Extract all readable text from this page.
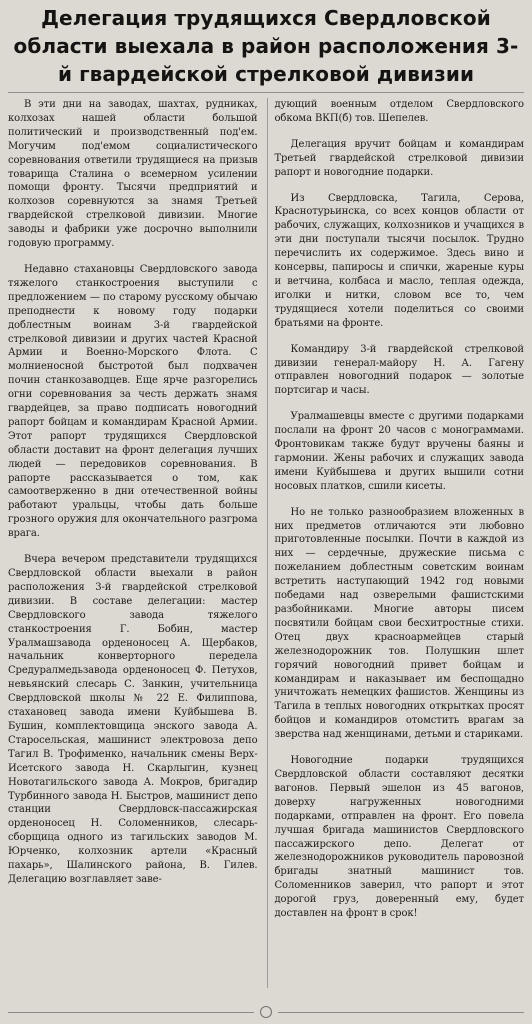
Делегация трудящихся Свердловской области выехала в район расположения 3-й гвардейской стрелковой дивизии

В эти дни на заводах, шахтах, рудниках, колхозах нашей области большой политический и производственный под'ем. Могучим под'емом социалистического соревнования ответили трудящиеся на призыв товарища Сталина о всемерном усилении помощи фронту. Тысячи предприятий и колхозов соревнуются за знамя Третьей гвардейской стрелковой дивизии. Многие заводы и фабрики уже досрочно выполнили годовую программу.

Недавно стахановцы Свердловского завода тяжелого станкостроения выступили с предложением — по старому русскому обычаю преподнести к новому году подарки доблестным воинам 3-й гвардейской стрелковой дивизии и других частей Красной Армии и Военно-Морского Флота. С молниеносной быстротой был подхвачен почин станкозаводцев. Еще ярче разгорелись огни соревнования за честь держать знамя гвардейцев, за право подписать новогодний рапорт бойцам и командирам Красной Армии. Этот рапорт трудящихся Свердловской области доставит на фронт делегация лучших людей — передовиков соревнования. В рапорте рассказывается о том, как самоотверженно в дни отечественной войны работают уральцы, чтобы дать больше грозного оружия для окончательного разгрома врага.

Вчера вечером представители трудящихся Свердловской области выехали в район расположения 3-й гвардейской стрелковой дивизии. В составе делегации: мастер Свердловского завода тяжелого станкостроения Г. Бобин, мастер Уралмашзавода орденоносец А. Щербаков, начальник конверторного передела Средуралмедьзавода орденоносец Ф. Петухов, невьянский слесарь С. Занкин, учительница Свердловской школы № 22 Е. Филиппова, стахановец завода имени Куйбышева В. Бушин, комплектовщица энского завода А. Старосельская, машинист электровоза депо Тагил В. Трофименко, начальник смены Верх-Исетского завода Н. Скарлыгин, кузнец Новотагильского завода А. Мокров, бригадир Турбинного завода Н. Быстров, машинист депо станции Свердловск-пассажирская орденоносец Н. Соломенников, слесарь-сборщица одного из тагильских заводов М. Юрченко, колхозник артели «Красный пахарь», Шалинского района, В. Гилев. Делегацию возглавляет заве-

дующий военным отделом Свердловского обкома ВКП(б) тов. Шепелев.

Делегация вручит бойцам и командирам Третьей гвардейской стрелковой дивизии рапорт и новогодние подарки.

Из Свердловска, Тагила, Серова, Краснотурьинска, со всех концов области от рабочих, служащих, колхозников и учащихся в эти дни поступали тысячи посылок. Трудно перечислить их содержимое. Здесь вино и консервы, папиросы и спички, жареные куры и ветчина, колбаса и масло, теплая одежда, иголки и нитки, словом все то, чем трудящиеся хотели поделиться со своими братьями на фронте.

Командиру 3-й гвардейской стрелковой дивизии генерал-майору Н. А. Гагену отправлен новогодний подарок — золотые портсигар и часы.

Уралмашевцы вместе с другими подарками послали на фронт 20 часов с монограммами. Фронтовикам также будут вручены баяны и гармонии. Жены рабочих и служащих завода имени Куйбышева и других вышили сотни носовых платков, сшили кисеты.

Но не только разнообразием вложенных в них предметов отличаются эти любовно приготовленные посылки. Почти в каждой из них — сердечные, дружеские письма с пожеланием доблестным советским воинам встретить наступающий 1942 год новыми победами над озверелыми фашистскими разбойниками. Многие авторы писем посвятили бойцам свои бесхитростные стихи. Отец двух красноармейцев старый железнодорожник тов. Полушкин шлет горячий новогодний привет бойцам и командирам и наказывает им беспощадно уничтожать немецких фашистов. Женщины из Тагила в теплых новогодних открытках просят бойцов и командиров отомстить врагам за зверства над женщинами, детьми и стариками.

Новогодние подарки трудящихся Свердловской области составляют десятки вагонов. Первый эшелон из 45 вагонов, доверху нагруженных новогодними подарками, отправлен на фронт. Его повела лучшая бригада машинистов Свердловского пассажирского депо. Делегат от железнодорожников руководитель паровозной бригады знатный машинист тов. Соломенников заверил, что рапорт и этот дорогой груз, доверенный ему, будет доставлен на фронт в срок!
